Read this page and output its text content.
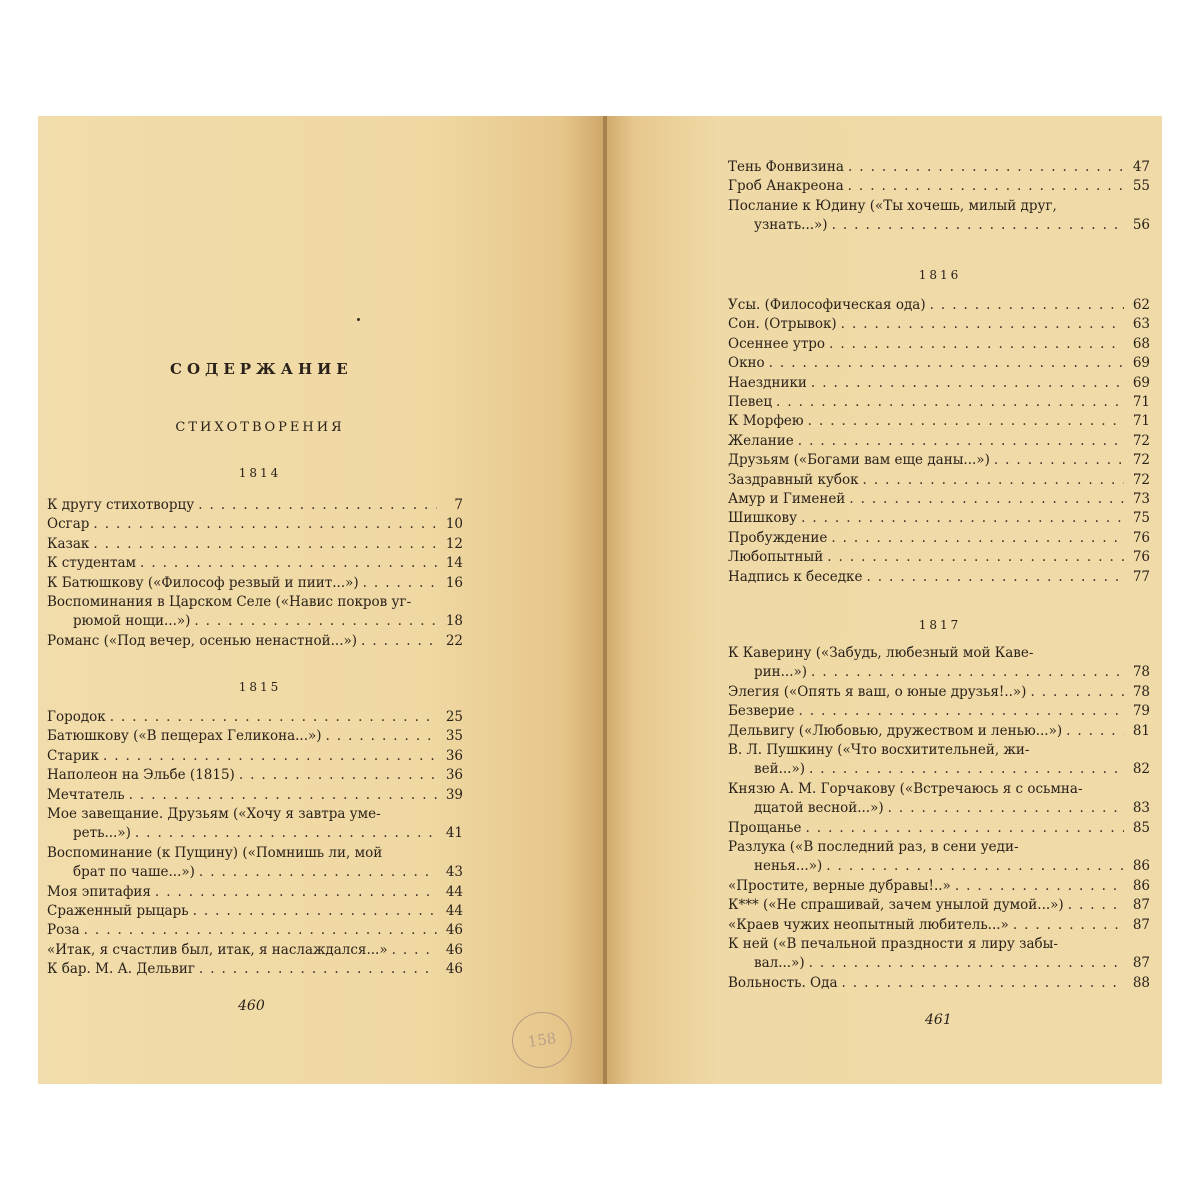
СОДЕРЖАНИЕ
СТИХОТВОРЕНИЯ
1814
К другу стихотворцу .....	7
Осгар .....	10
Казак .....	12
К студентам .....	14
К Батюшкову («Философ резвый и пиит...») .....	16
Воспоминания в Царском Селе («Навис покров уг-
рюмой нощи...») .....	18
Романс («Под вечер, осенью ненастной...») .....	22
1815
Городок .....	25
Батюшкову («В пещерах Геликона...») .....	35
Старик .....	36
Наполеон на Эльбе (1815) .....	36
Мечтатель .....	39
Мое завещание. Друзьям («Хочу я завтра уме-
реть...») .....	41
Воспоминание (к Пущину) («Помнишь ли, мой
брат по чаше...») .....	43
Моя эпитафия .....	44
Сраженный рыцарь .....	44
Роза .....	46
«Итак, я счастлив был, итак, я наслаждался...» .....	46
К бар. М. А. Дельвиг .....	46
Тень Фонвизина .....	47
Гроб Анакреона .....	55
Послание к Юдину («Ты хочешь, милый друг,
узнать...») .....	56
1816
Усы. (Философическая ода) .....	62
Сон. (Отрывок) .....	63
Осеннее утро .....	68
Окно .....	69
Наездники .....	69
Певец .....	71
К Морфею .....	71
Желание .....	72
Друзьям («Богами вам еще даны...») .....	72
Заздравный кубок .....	72
Амур и Гименей .....	73
Шишкову .....	75
Пробуждение .....	76
Любопытный .....	76
Надпись к беседке .....	77
1817
К Каверину («Забудь, любезный мой Каве-
рин...») .....	78
Элегия («Опять я ваш, о юные друзья!..») .....	78
Безверие .....	79
Дельвигу («Любовью, дружеством и ленью...») .....	81
В. Л. Пушкину («Что восхитительней, жи-
вей...») .....	82
Князю А. М. Горчакову («Встречаюсь я с осьмна-
дцатой весной...») .....	83
Прощанье .....	85
Разлука («В последний раз, в сени уеди-
ненья...») .....	86
«Простите, верные дубравы!..» .....	86
К*** («Не спрашивай, зачем унылой думой...») .....	87
«Краев чужих неопытный любитель...» .....	87
К ней («В печальной праздности я лиру забы-
вал...») .....	87
Вольность. Ода .....	88
460
461
158
